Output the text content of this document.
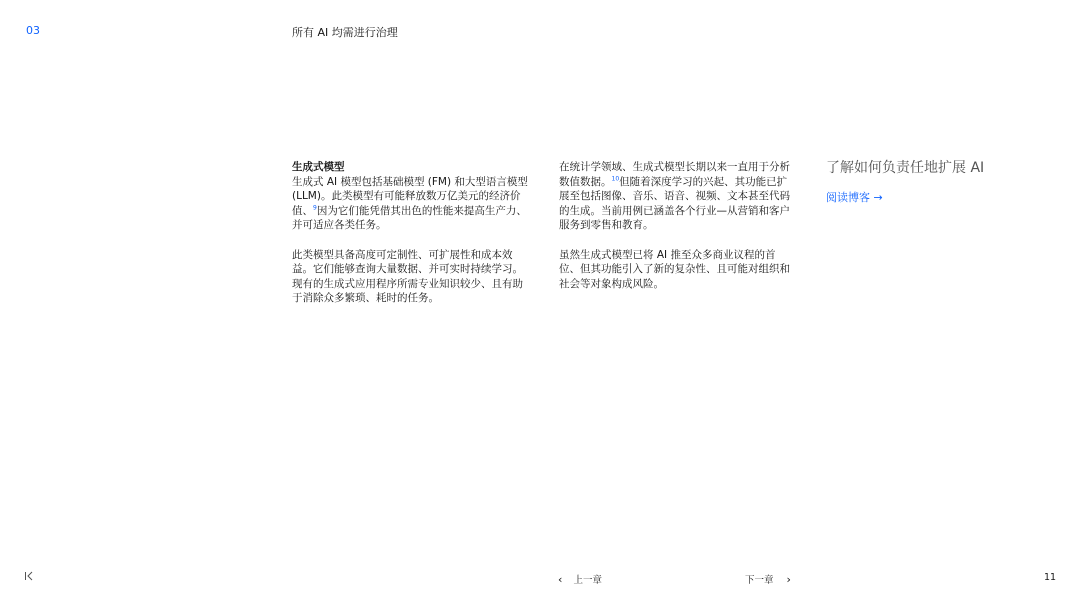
03	所有 AI 均需进行治理

生成式模型
生成式 AI 模型包括基础模型 (FM) 和大型语言模型 (LLM)。此类模型有可能释放数万亿美元的经济价值、$^9$因为它们能凭借其出色的性能来提高生产力、并可适应各类任务。

此类模型具备高度可定制性、可扩展性和成本效益。它们能够查询大量数据、并可实时持续学习。现有的生成式应用程序所需专业知识较少、且有助于消除众多繁琐、耗时的任务。

在统计学领域、生成式模型长期以来一直用于分析数值数据。$^{10}$但随着深度学习的兴起、其功能已扩展至包括图像、音乐、语音、视频、文本甚至代码的生成。当前用例已涵盖各个行业—从营销和客户服务到零售和教育。

虽然生成式模型已将 AI 推至众多商业议程的首位、但其功能引入了新的复杂性、且可能对组织和社会等对象构成风险。

了解如何负责任地扩展 AI
阅读博客 →
‹ 上一章	下一章 ›	11
